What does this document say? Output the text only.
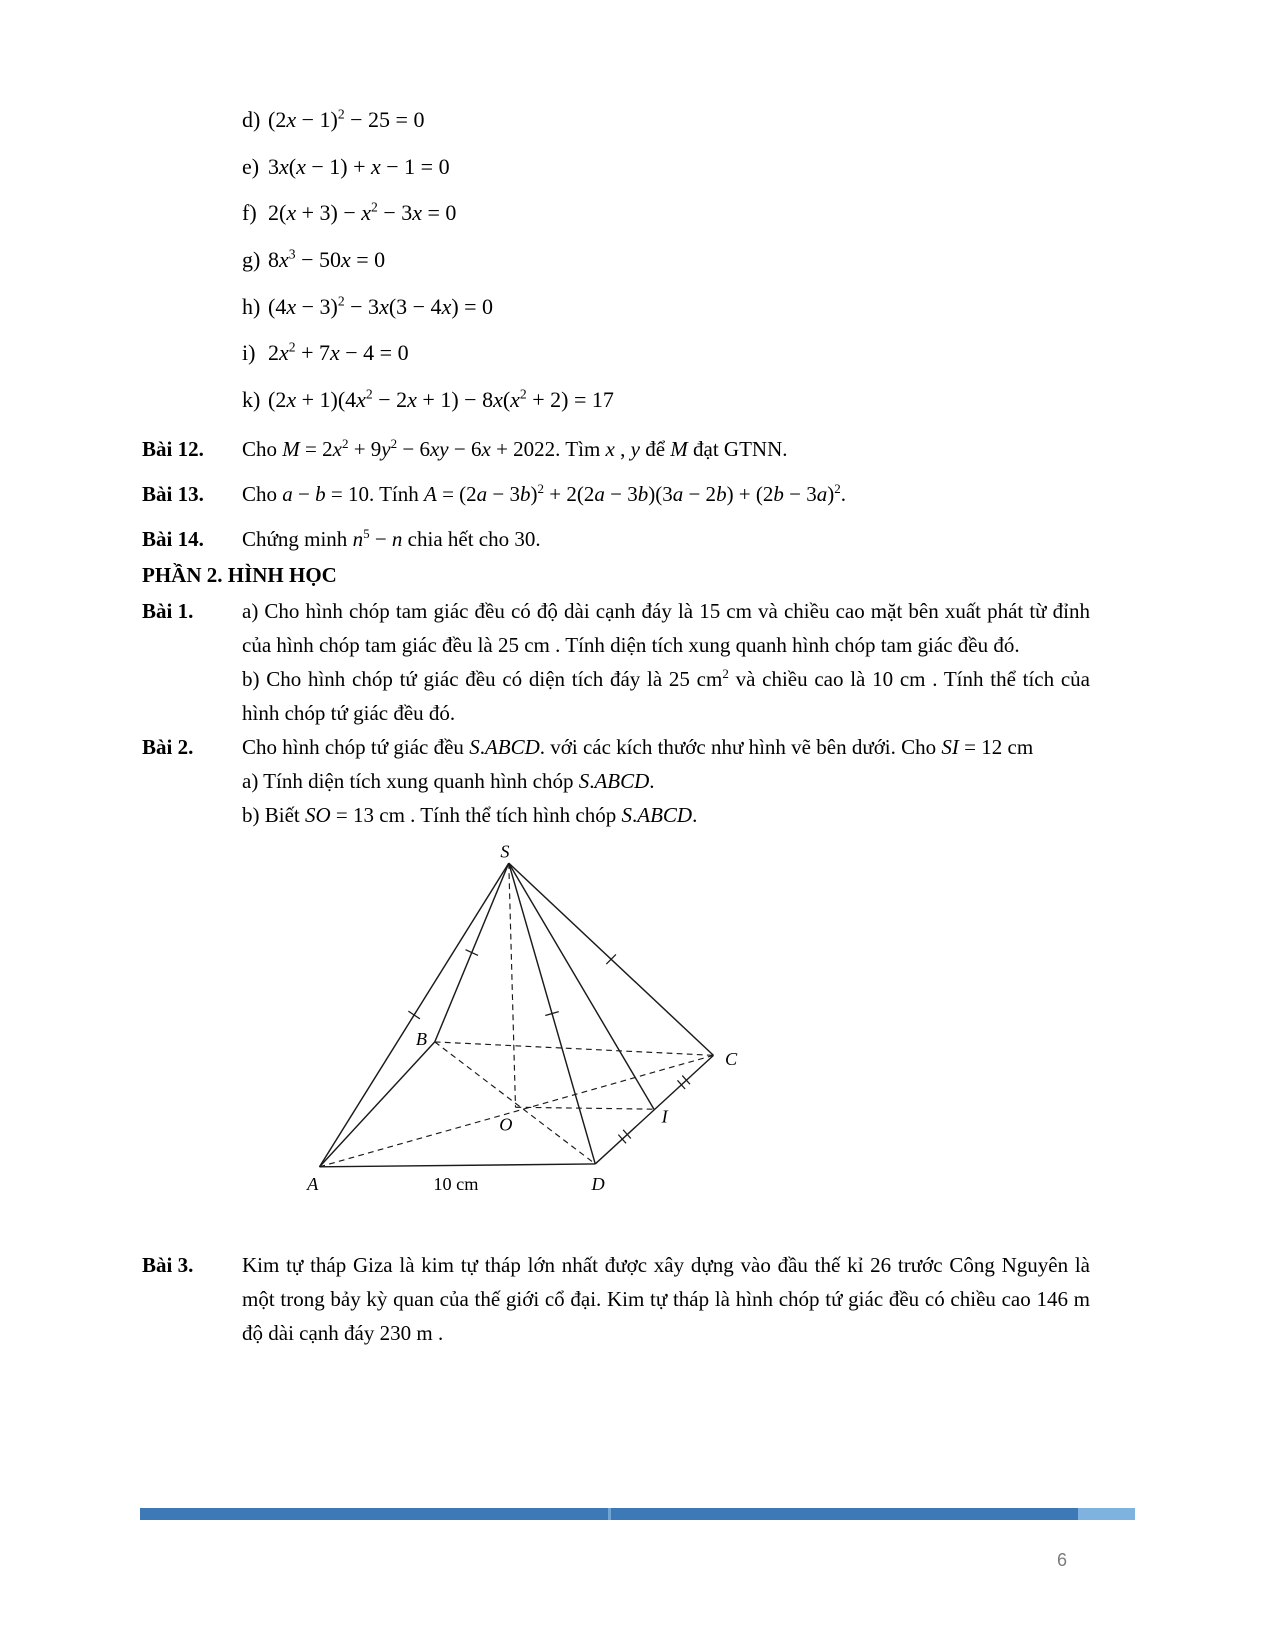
d) $(2x - 1)^2 - 25 = 0$
e) 3x(x − 1) + x − 1 = 0
f) $2(x + 3) - x^2 - 3x = 0$
g) $8x^3 - 50x = 0$
h) $(4x - 3)^2 - 3x(3 - 4x) = 0$
i) $2x^2 + 7x - 4 = 0$
k) $(2x + 1)(4x^2 - 2x + 1) - 8x(x^2 + 2) = 17$
Bài 12.	Cho $M = 2x^2 + 9y^2 - 6xy - 6x + 2022$. Tìm x , y để M đạt GTNN.
Bài 13.	Cho a − b = 10. Tính $A = (2a - 3b)^2 + 2(2a - 3b)(3a - 2b) + (2b - 3a)^2$.
Bài 14.	Chứng minh $n^5 - n$ chia hết cho 30.
PHẦN 2. HÌNH HỌC
Bài 1.	a) Cho hình chóp tam giác đều có độ dài cạnh đáy là 15 cm và chiều cao mặt bên xuất phát từ đỉnh của hình chóp tam giác đều là 25 cm . Tính diện tích xung quanh hình chóp tam giác đều đó.

b) Cho hình chóp tứ giác đều có diện tích đáy là 25 $cm^2$ và chiều cao là 10 cm . Tính thể tích của hình chóp tứ giác đều đó.

Bài 2.	Cho hình chóp tứ giác đều S.ABCD. với các kích thước như hình vẽ bên dưới. Cho SI = 12 cm

a) Tính diện tích xung quanh hình chóp S.ABCD.

b) Biết SO = 13 cm . Tính thể tích hình chóp S.ABCD.

S
B
C
I
O
A	D
10 cm
Bài 3.	Kim tự tháp Giza là kim tự tháp lớn nhất được xây dựng vào đầu thế kỉ 26 trước Công Nguyên là một trong bảy kỳ quan của thế giới cổ đại. Kim tự tháp là hình chóp tứ giác đều có chiều cao 146 m độ dài cạnh đáy 230 m .
6
